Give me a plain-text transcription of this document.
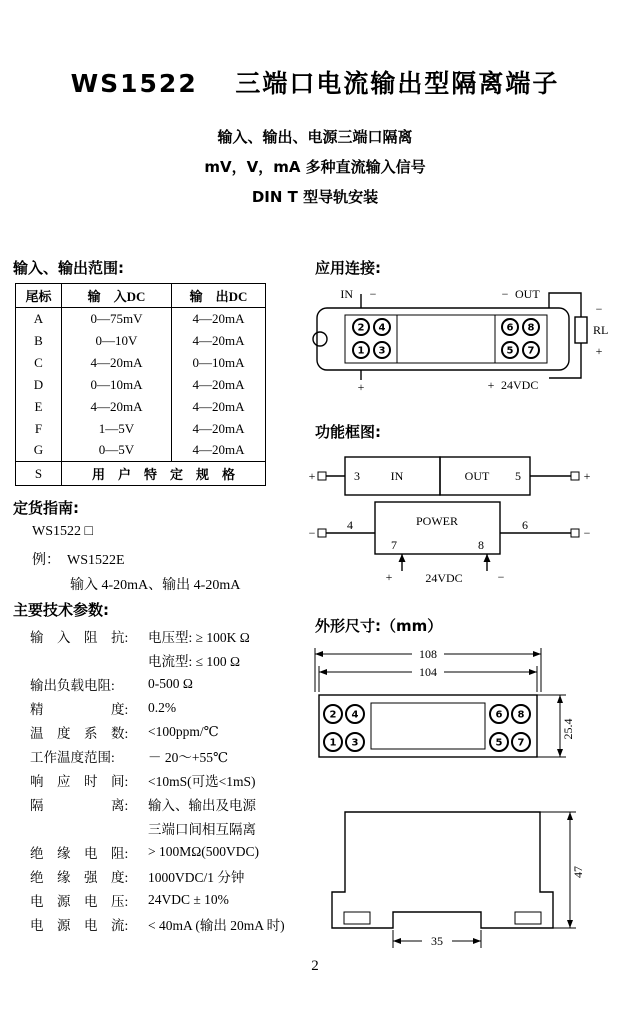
WS1522　 三端口电流输出型隔离端子
输入、输出、电源三端口隔离
mV，V，mA 多种直流输入信号
DIN T 型导轨安装
输入、输出范围:
尾标	输　入DC	输　出DC
A	0—75mV	4—20mA
B	0—10V	4—20mA
C	4—20mA	0—10mA
D	0—10mA	4—20mA
E	4—20mA	4—20mA
F	1—5V	4—20mA
G	0—5V	4—20mA
S	用　户　特　定　规　格	
定货指南:
WS1522 □
例：  WS1522E
输入 4-20mA、输出 4-20mA
主要技术参数:
输　入　阻　抗:	电压型: ≥ 100K Ω
电流型: ≤ 100 Ω
输出负载电阻:	0-500 Ω
精　　　　　度:	0.2%
温　度　系　数:	<100ppm/℃
工作温度范围:	－ 20～+55℃
响　应　时　间:	<10mS(可选<1mS)
隔　　　　　离:	输入、输出及电源
三端口间相互隔离
绝　缘　电　阻:	> 100MΩ(500VDC)
绝　缘　强　度:	1000VDC/1 分钟
电　源　电　压:	24VDC ± 10%
电　源　电　流:	< 40mA (输出 20mA 时)
应用连接:
2 4
1 3
6 8
5 7
IN −	− OUT
−
RL
+
+	+ 24VDC
功能框图:
+
−
+
−
3	IN	OUT 5
4	6
POWER
7	8
+	24VDC	−
外形尺寸:（mm）
108
104
25.4
2 4
1 3
6 8
5 7
47
35
2
